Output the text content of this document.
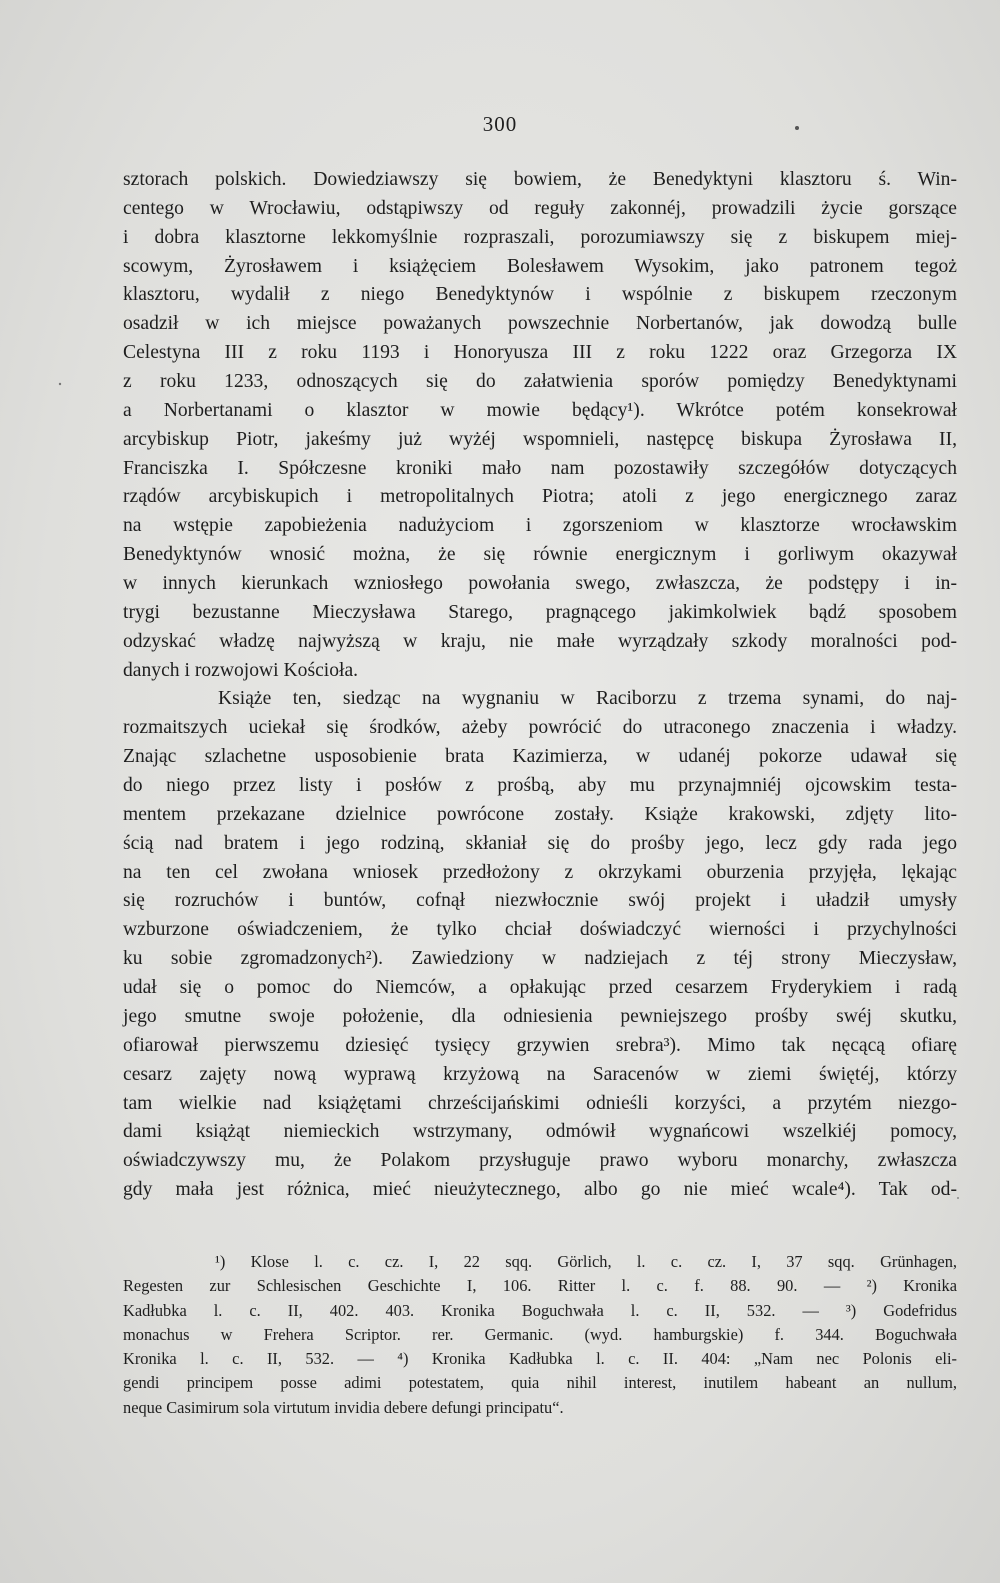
300
sztorach polskich. Dowiedziawszy się bowiem, że Benedyktyni klasztoru ś. Win-
centego w Wrocławiu, odstąpiwszy od reguły zakonnéj, prowadzili życie gorszące
i dobra klasztorne lekkomyślnie rozpraszali, porozumiawszy się z biskupem miej-
scowym, Żyrosławem i książęciem Bolesławem Wysokim, jako patronem tegoż
klasztoru, wydalił z niego Benedyktynów i wspólnie z biskupem rzeczonym
osadził w ich miejsce poważanych powszechnie Norbertanów, jak dowodzą bulle
Celestyna III z roku 1193 i Honoryusza III z roku 1222 oraz Grzegorza IX
z roku 1233, odnoszących się do załatwienia sporów pomiędzy Benedyktynami
a Norbertanami o klasztor w mowie będący¹). Wkrótce potém konsekrował
arcybiskup Piotr, jakeśmy już wyżéj wspomnieli, następcę biskupa Żyrosława II,
Franciszka I. Spółczesne kroniki mało nam pozostawiły szczegółów dotyczących
rządów arcybiskupich i metropolitalnych Piotra; atoli z jego energicznego zaraz
na wstępie zapobieżenia nadużyciom i zgorszeniom w klasztorze wrocławskim
Benedyktynów wnosić można, że się równie energicznym i gorliwym okazywał
w innych kierunkach wzniosłego powołania swego, zwłaszcza, że podstępy i in-
trygi bezustanne Mieczysława Starego, pragnącego jakimkolwiek bądź sposobem
odzyskać władzę najwyższą w kraju, nie małe wyrządzały szkody moralności pod-
danych i rozwojowi Kościoła.
Książe ten, siedząc na wygnaniu w Raciborzu z trzema synami, do naj-
rozmaitszych uciekał się środków, ażeby powrócić do utraconego znaczenia i władzy.
Znając szlachetne usposobienie brata Kazimierza, w udanéj pokorze udawał się
do niego przez listy i posłów z prośbą, aby mu przynajmniéj ojcowskim testa-
mentem przekazane dzielnice powrócone zostały. Książe krakowski, zdjęty lito-
ścią nad bratem i jego rodziną, skłaniał się do prośby jego, lecz gdy rada jego
na ten cel zwołana wniosek przedłożony z okrzykami oburzenia przyjęła, lękając
się rozruchów i buntów, cofnął niezwłocznie swój projekt i uładził umysły
wzburzone oświadczeniem, że tylko chciał doświadczyć wierności i przychylności
ku sobie zgromadzonych²). Zawiedziony w nadziejach z téj strony Mieczysław,
udał się o pomoc do Niemców, a opłakując przed cesarzem Fryderykiem i radą
jego smutne swoje położenie, dla odniesienia pewniejszego prośby swéj skutku,
ofiarował pierwszemu dziesięć tysięcy grzywien srebra³). Mimo tak nęcącą ofiarę
cesarz zajęty nową wyprawą krzyżową na Saracenów w ziemi świętéj, którzy
tam wielkie nad książętami chrześcijańskimi odnieśli korzyści, a przytém niezgo-
dami książąt niemieckich wstrzymany, odmówił wygnańcowi wszelkiéj pomocy,
oświadczywszy mu, że Polakom przysługuje prawo wyboru monarchy, zwłaszcza
gdy mała jest różnica, mieć nieużytecznego, albo go nie mieć wcale⁴). Tak od-
¹) Klose l. c. cz. I, 22 sqq. Görlich, l. c. cz. I, 37 sqq. Grünhagen,
Regesten zur Schlesischen Geschichte I, 106. Ritter l. c. f. 88. 90. — ²) Kronika
Kadłubka l. c. II, 402. 403. Kronika Boguchwała l. c. II, 532. — ³) Godefridus
monachus w Frehera Scriptor. rer. Germanic. (wyd. hamburgskie) f. 344. Boguchwała
Kronika l. c. II, 532. — ⁴) Kronika Kadłubka l. c. II. 404: „Nam nec Polonis eli-
gendi principem posse adimi potestatem, quia nihil interest, inutilem habeant an nullum,
neque Casimirum sola virtutum invidia debere defungi principatu“.
